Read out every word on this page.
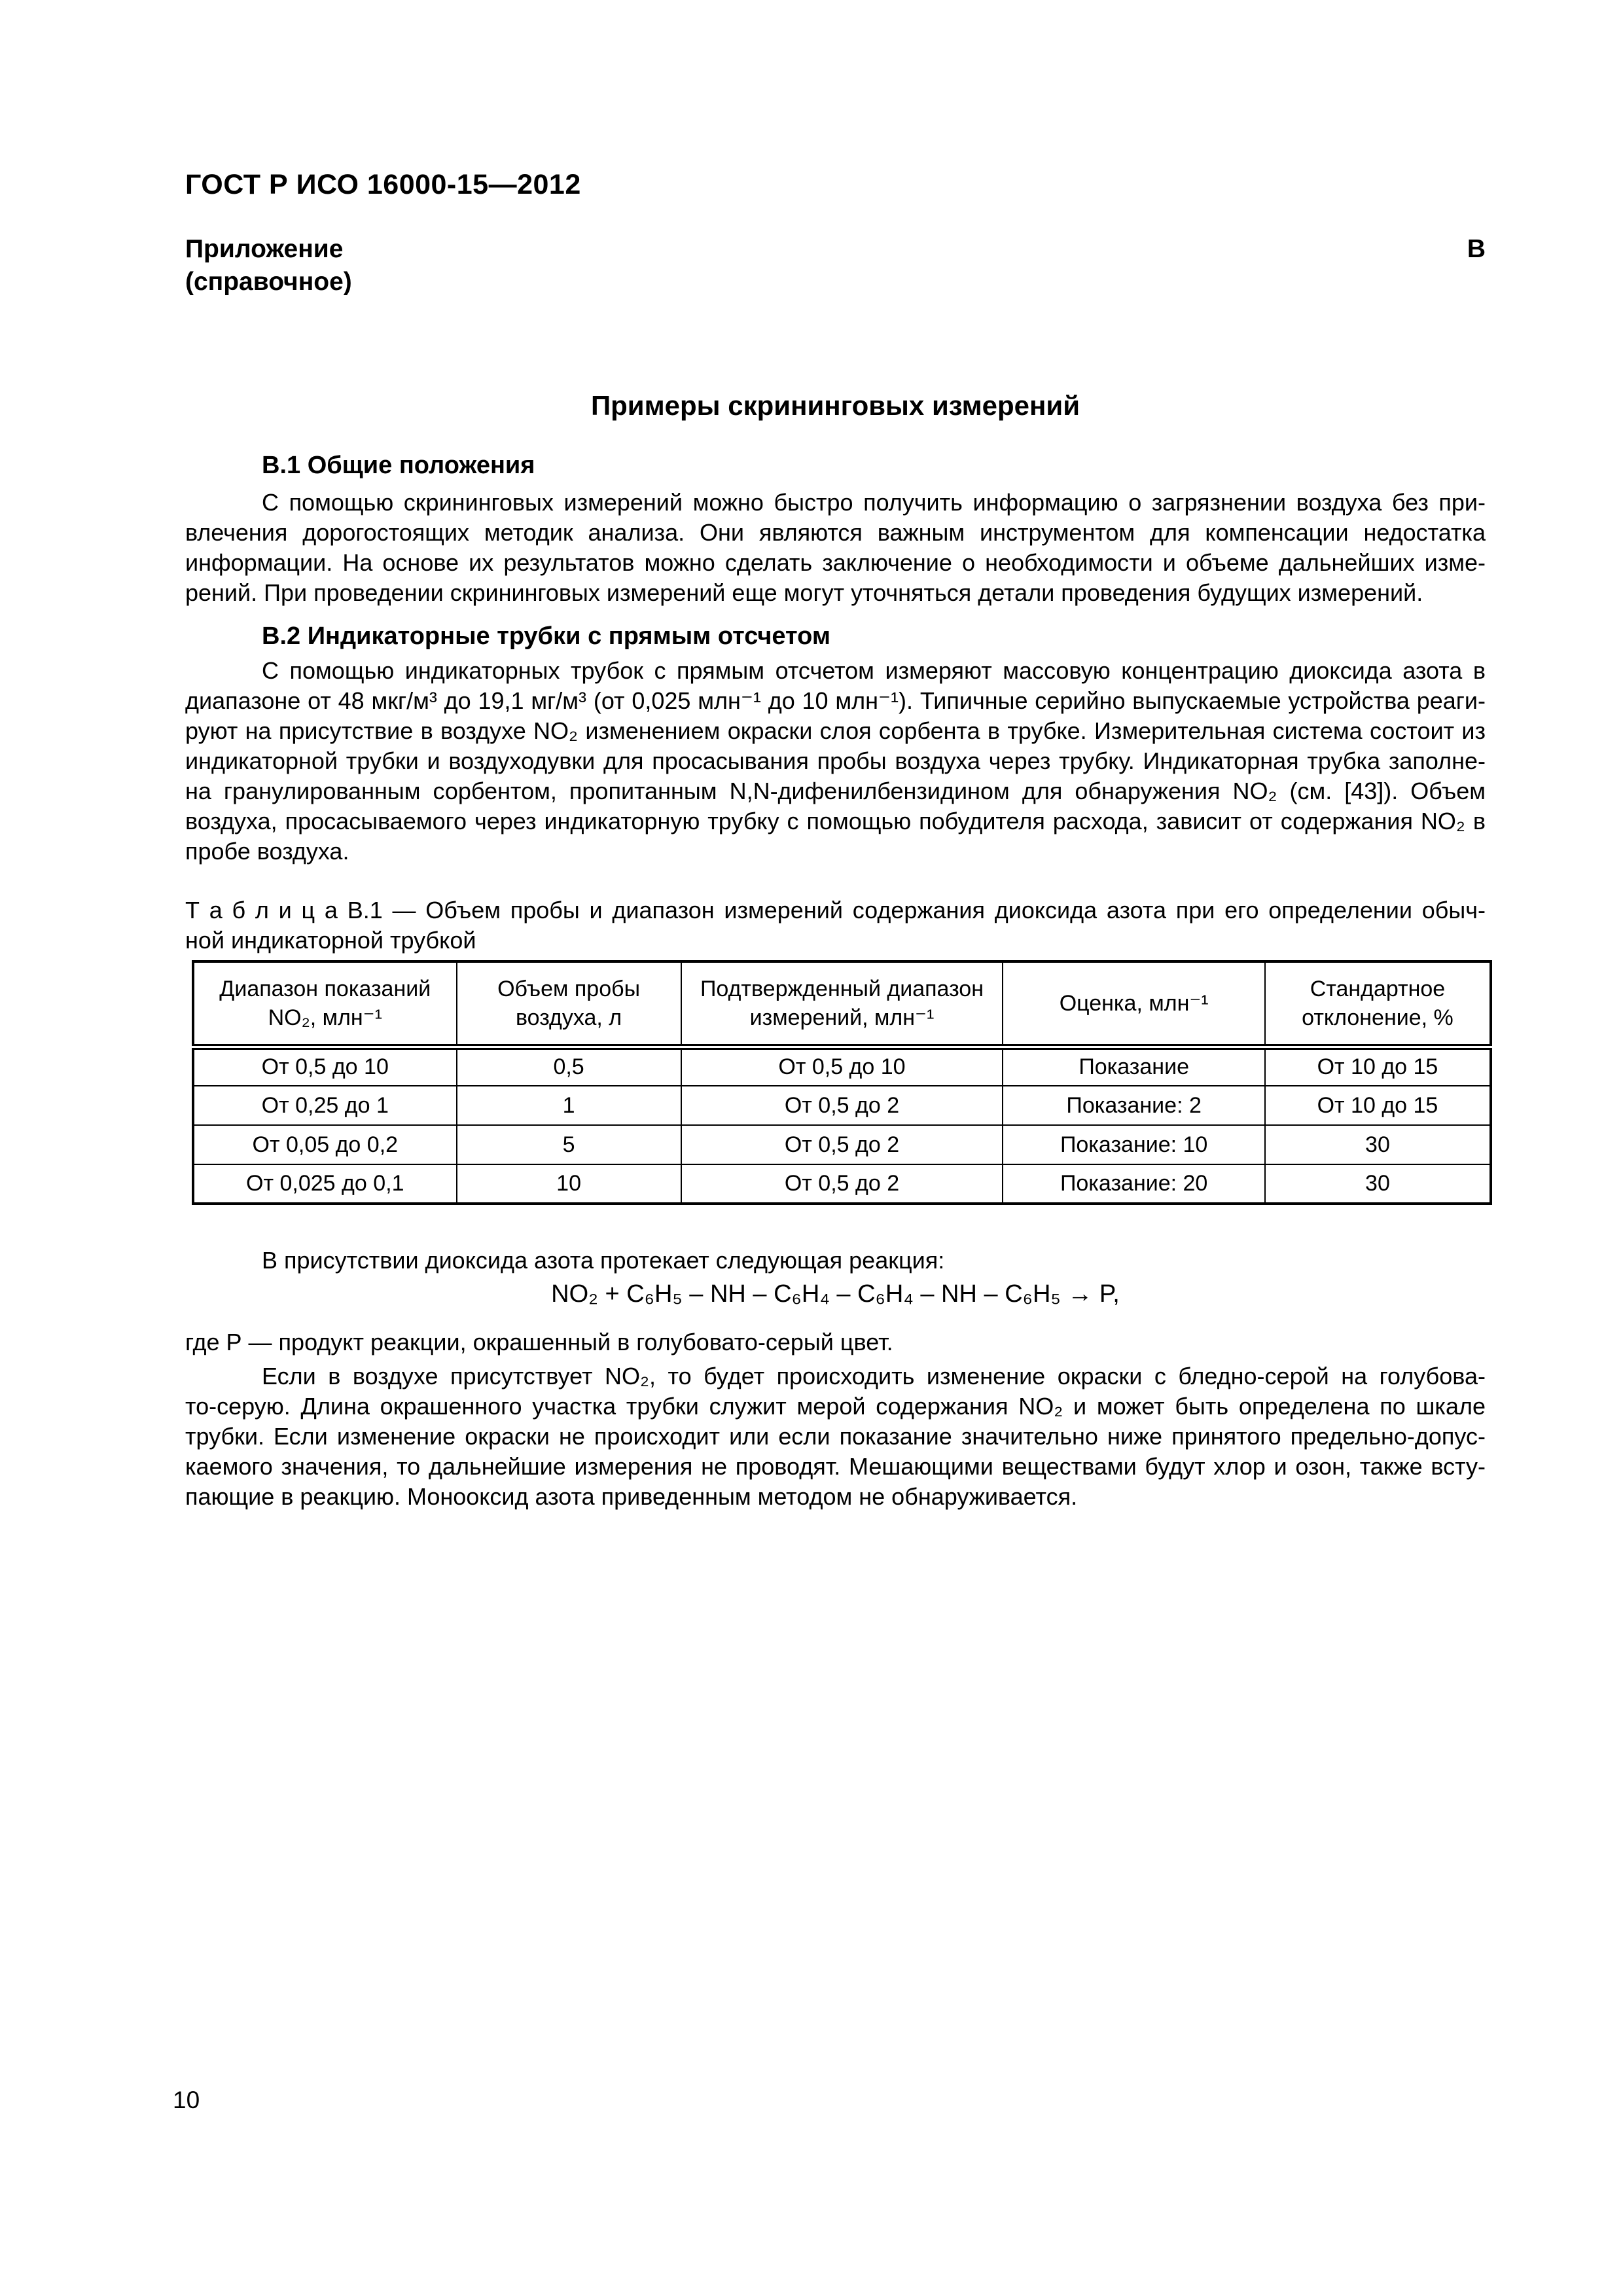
ГОСТ Р ИСО 16000-15—2012
Приложение В
(справочное)
Примеры скрининговых измерений
В.1 Общие положения
С помощью скрининговых измерений можно быстро получить информацию о загрязнении воздуха без при-
влечения дорогостоящих методик анализа. Они являются важным инструментом для компенсации недостатка
информации. На основе их результатов можно сделать заключение о необходимости и объеме дальнейших изме-
рений. При проведении скрининговых измерений еще могут уточняться детали проведения будущих измерений.
В.2 Индикаторные трубки с прямым отсчетом
С помощью индикаторных трубок с прямым отсчетом измеряют массовую концентрацию диоксида азота в
диапазоне от 48 мкг/м³ до 19,1 мг/м³ (от 0,025 млн⁻¹ до 10 млн⁻¹). Типичные серийно выпускаемые устройства реаги-
руют на присутствие в воздухе NO₂ изменением окраски слоя сорбента в трубке. Измерительная система состоит из
индикаторной трубки и воздуходувки для просасывания пробы воздуха через трубку. Индикаторная трубка заполне-
на гранулированным сорбентом, пропитанным N,N-дифенилбензидином для обнаружения NO₂ (см. [43]). Объем
воздуха, просасываемого через индикаторную трубку с помощью побудителя расхода, зависит от содержания NO₂ в
пробе воздуха.
Т а б л и ц а В.1 — Объем пробы и диапазон измерений содержания диоксида азота при его определении обыч-
ной индикаторной трубкой
Диапазон показаний NO₂, млн⁻¹	Объем пробы воздуха, л	Подтвержденный диапазон измерений, млн⁻¹	Оценка, млн⁻¹	Стандартное отклонение, %
От 0,5 до 10	0,5	От 0,5 до 10	Показание	От 10 до 15
От 0,25 до 1	1	От 0,5 до 2	Показание: 2	От 10 до 15
От 0,05 до 0,2	5	От 0,5 до 2	Показание: 10	30
От 0,025 до 0,1	10	От 0,5 до 2	Показание: 20	30
В присутствии диоксида азота протекает следующая реакция:
NO₂ + C₆H₅ – NH – C₆H₄ – C₆H₄ – NH – C₆H₅ → P,
где Р — продукт реакции, окрашенный в голубовато-серый цвет.
Если в воздухе присутствует NO₂, то будет происходить изменение окраски с бледно-серой на голубова-
то-серую. Длина окрашенного участка трубки служит мерой содержания NO₂ и может быть определена по шкале
трубки. Если изменение окраски не происходит или если показание значительно ниже принятого предельно-допус-
каемого значения, то дальнейшие измерения не проводят. Мешающими веществами будут хлор и озон, также всту-
пающие в реакцию. Монооксид азота приведенным методом не обнаруживается.
10
